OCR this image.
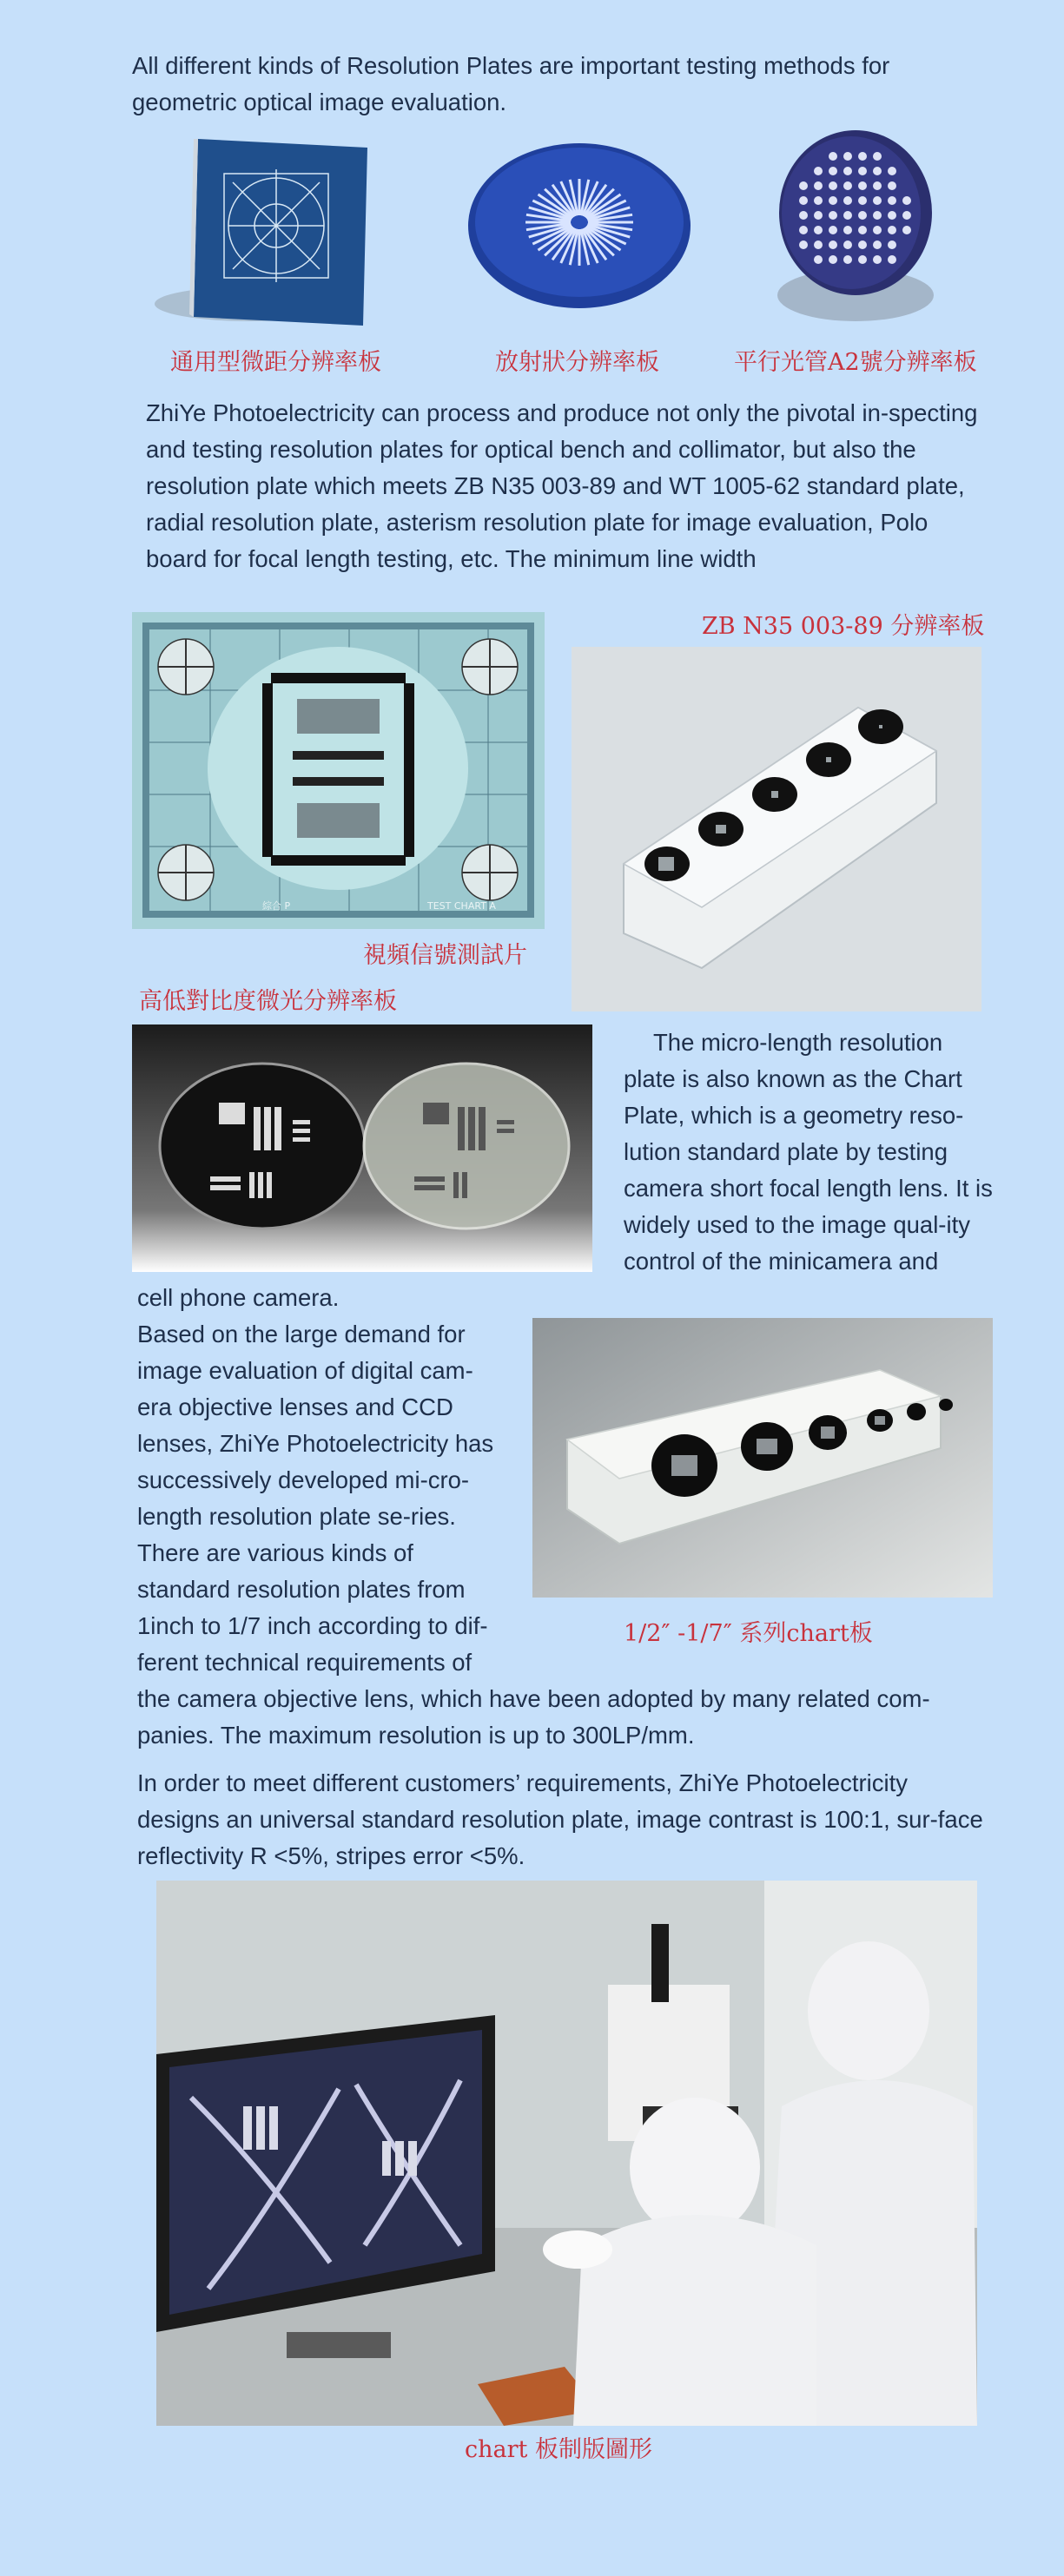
All different kinds of Resolution Plates are important testing methods for geometric optical image evaluation.
通用型微距分辨率板	放射狀分辨率板	平行光管A2號分辨率板
ZhiYe Photoelectricity can process and produce not only the pivotal in-specting and testing resolution plates for optical bench and collimator, but also the resolution plate which meets ZB N35 003-89 and WT 1005-62 standard plate, radial resolution plate, asterism resolution plate for image evaluation, Polo board for focal length testing, etc. The minimum line width
TEST CHART A
綜合 P
視頻信號測試片
ZB N35 003-89 分辨率板
高低對比度微光分辨率板
The micro-length resolution plate is also known as the Chart Plate, which is a geometry reso-lution standard plate by testing camera short focal length lens. It is widely used to the image qual-ity control of the minicamera and
cell phone camera.
Based on the large demand for image evaluation of digital cam-era objective lenses and CCD lenses, ZhiYe Photoelectricity has successively developed mi-cro-length resolution plate se-ries. There are various kinds of standard resolution plates from 1inch to 1/7 inch according to dif-ferent technical requirements of
1/2″ -1/7″ 系列chart板
the camera objective lens, which have been adopted by many related com-panies. The maximum resolution is up to 300LP/mm.
In order to meet different customers’ requirements, ZhiYe Photoelectricity designs an universal standard resolution plate, image contrast is 100:1, sur-face reflectivity R <5%, stripes error <5%.
chart 板制版圖形
